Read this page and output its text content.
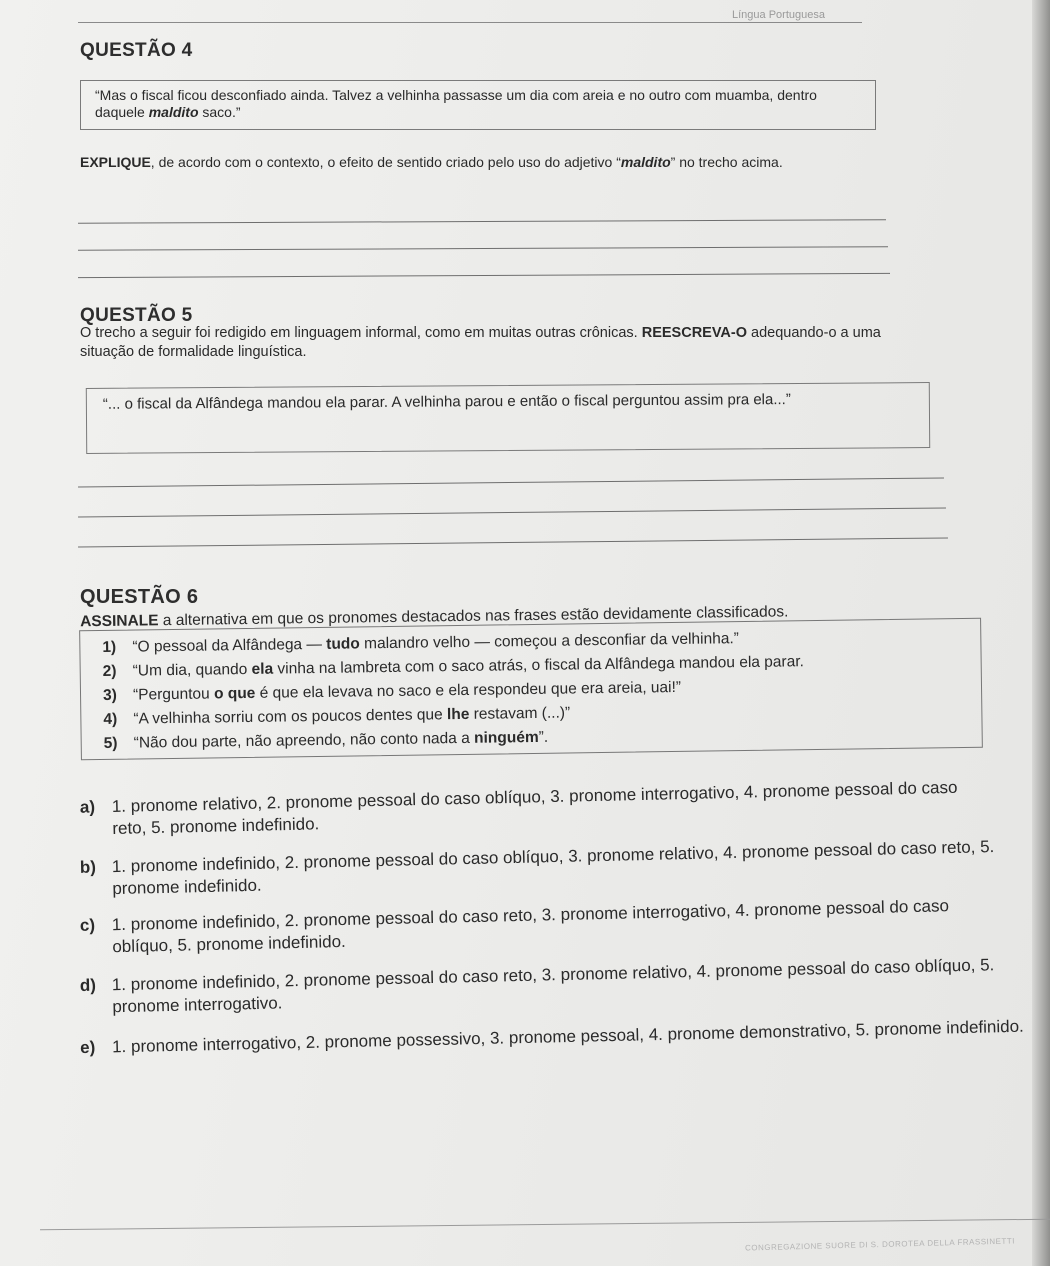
Língua Portuguesa
QUESTÃO 4
“Mas o fiscal ficou desconfiado ainda. Talvez a velhinha passasse um dia com areia e no outro com muamba, dentro daquele maldito saco.”
EXPLIQUE, de acordo com o contexto, o efeito de sentido criado pelo uso do adjetivo “maldito” no trecho acima.
QUESTÃO 5
O trecho a seguir foi redigido em linguagem informal, como em muitas outras crônicas. REESCREVA-O adequando-o a uma situação de formalidade linguística.
“... o fiscal da Alfândega mandou ela parar. A velhinha parou e então o fiscal perguntou assim pra ela...”
QUESTÃO 6
ASSINALE a alternativa em que os pronomes destacados nas frases estão devidamente classificados.
1) “O pessoal da Alfândega — tudo malandro velho — começou a desconfiar da velhinha.”
2) “Um dia, quando ela vinha na lambreta com o saco atrás, o fiscal da Alfândega mandou ela parar.
3) “Perguntou o que é que ela levava no saco e ela respondeu que era areia, uai!”
4) “A velhinha sorriu com os poucos dentes que lhe restavam (...)”
5) “Não dou parte, não apreendo, não conto nada a ninguém”.
a) 1. pronome relativo, 2. pronome pessoal do caso oblíquo, 3. pronome interrogativo, 4. pronome pessoal do caso reto, 5. pronome indefinido.
b) 1. pronome indefinido, 2. pronome pessoal do caso oblíquo, 3. pronome relativo, 4. pronome pessoal do caso reto, 5. pronome indefinido.
c) 1. pronome indefinido, 2. pronome pessoal do caso reto, 3. pronome interrogativo, 4. pronome pessoal do caso oblíquo, 5. pronome indefinido.
d) 1. pronome indefinido, 2. pronome pessoal do caso reto, 3. pronome relativo, 4. pronome pessoal do caso oblíquo, 5. pronome interrogativo.
e) 1. pronome interrogativo, 2. pronome possessivo, 3. pronome pessoal, 4. pronome demonstrativo, 5. pronome indefinido.
CONGREGAZIONE SUORE DI S. DOROTEA DELLA FRASSINETTI
